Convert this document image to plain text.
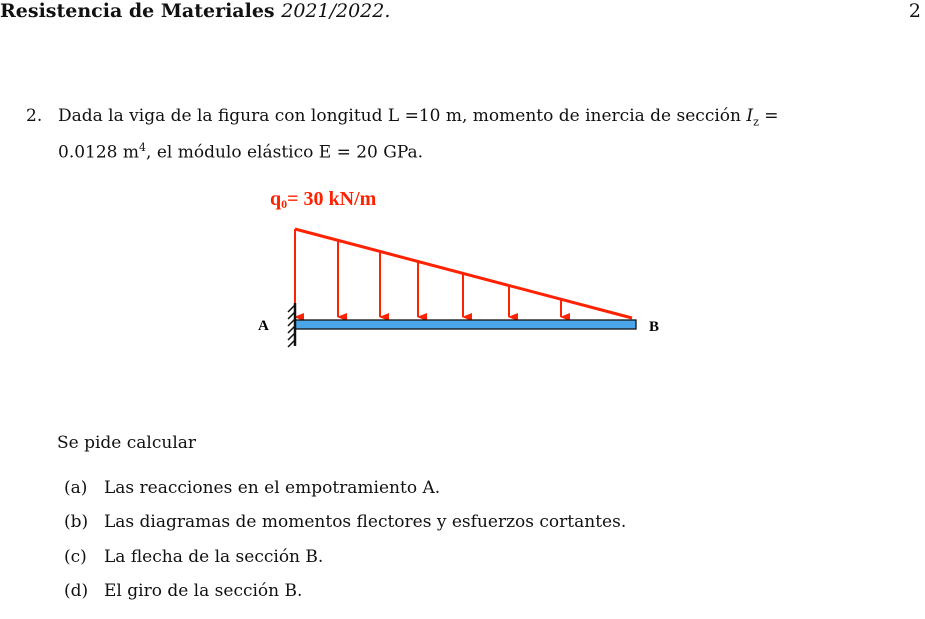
Resistencia de Materiales 2021/2022.	2
2. Dada la viga de la figura con longitud L =10 m, momento de inercia de sección $I_z$ =
0.0128 $m^4$, el módulo elástico E = 20 GPa.
q0= 30 kN/m
A	B
Se pide calcular
(a) Las reacciones en el empotramiento A.
(b) Las diagramas de momentos flectores y esfuerzos cortantes.
(c) La flecha de la sección B.
(d) El giro de la sección B.
